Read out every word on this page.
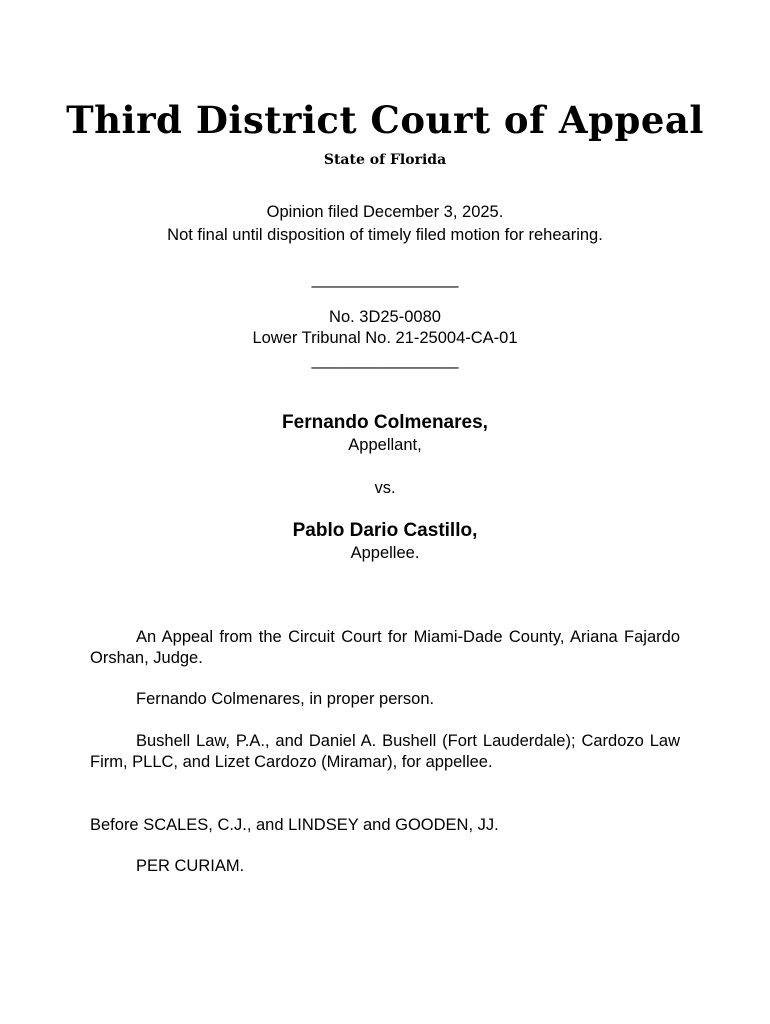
Third District Court of Appeal
State of Florida
Opinion filed December 3, 2025.
Not final until disposition of timely filed motion for rehearing.
________________
No. 3D25-0080
Lower Tribunal No. 21-25004-CA-01
________________
Fernando Colmenares,
Appellant,
vs.
Pablo Dario Castillo,
Appellee.
An Appeal from the Circuit Court for Miami-Dade County, Ariana Fajardo Orshan, Judge.
Fernando Colmenares, in proper person.
Bushell Law, P.A., and Daniel A. Bushell (Fort Lauderdale); Cardozo Law Firm, PLLC, and Lizet Cardozo (Miramar), for appellee.
Before SCALES, C.J., and LINDSEY and GOODEN, JJ.
PER CURIAM.
